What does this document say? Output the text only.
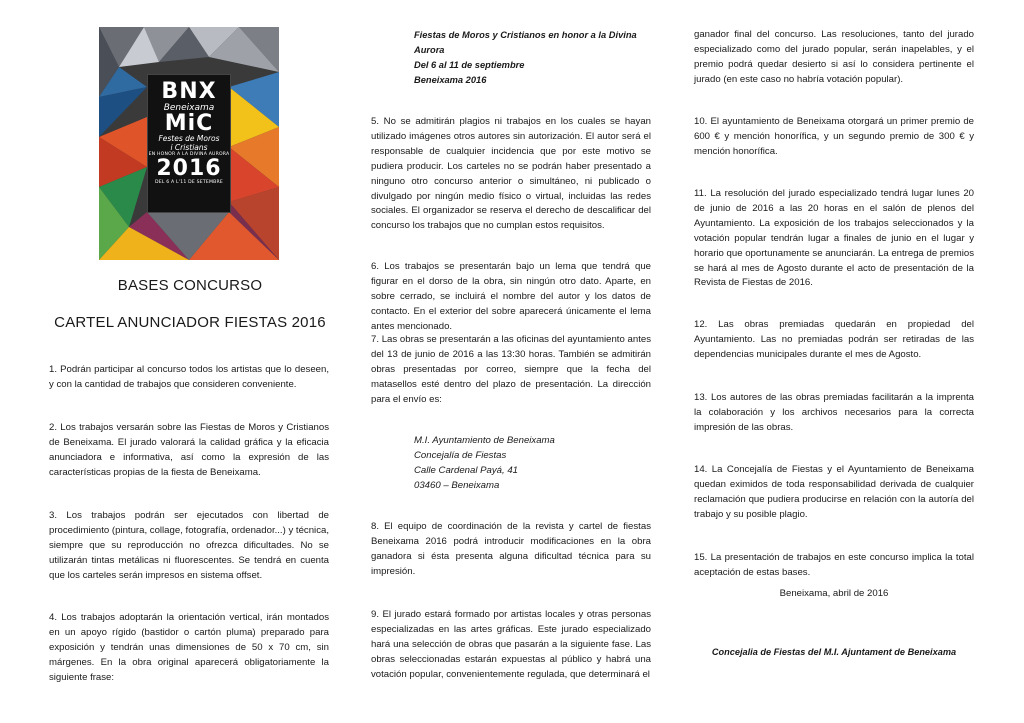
BNX
Beneixama
MiC
Festes de Moros
i Cristians
EN HONOR A LA DIVINA AURORA
2016
DEL 6 A L'11 DE SETEMBRE
BASES CONCURSO
CARTEL ANUNCIADOR FIESTAS 2016

1. Podrán participar al concurso todos los artistas que lo deseen, y con la cantidad de trabajos que consideren conveniente.

2. Los trabajos versarán sobre las Fiestas de Moros y Cristianos de Beneixama. El jurado valorará la calidad gráfica y la eficacia anunciadora e informativa, así como la expresión de las características propias de la fiesta de Beneixama.

3. Los trabajos podrán ser ejecutados con libertad de procedimiento (pintura, collage, fotografía, ordenador...) y técnica, siempre que su reproducción no ofrezca dificultades. No se utilizarán tintas metálicas ni fluorescentes. Se tendrá en cuenta que los carteles serán impresos en sistema offset.

4. Los trabajos adoptarán la orientación vertical, irán montados en un apoyo rígido (bastidor o cartón pluma) preparado para exposición y tendrán unas dimensiones de 50 x 70 cm, sin márgenes. En la obra original aparecerá obligatoriamente la siguiente frase:

Fiestas de Moros y Cristianos en honor a la Divina
Aurora
Del 6 al 11 de septiembre
Beneixama 2016

5. No se admitirán plagios ni trabajos en los cuales se hayan utilizado imágenes otros autores sin autorización. El autor será el responsable de cualquier incidencia que por este motivo se pudiera producir. Los carteles no se podrán haber presentado a ninguno otro concurso anterior o simultáneo, ni publicado o divulgado por ningún medio físico o virtual, incluidas las redes sociales. El organizador se reserva el derecho de descalificar del concurso los trabajos que no cumplan estos requisitos.

6. Los trabajos se presentarán bajo un lema que tendrá que figurar en el dorso de la obra, sin ningún otro dato. Aparte, en sobre cerrado, se incluirá el nombre del autor y los datos de contacto. En el exterior del sobre aparecerá únicamente el lema antes mencionado.

7. Las obras se presentarán a las oficinas del ayuntamiento antes del 13 de junio de 2016 a las 13:30 horas. También se admitirán obras presentadas por correo, siempre que la fecha del matasellos esté dentro del plazo de presentación. La dirección para el envío es:

M.I. Ayuntamiento de Beneixama
Concejalía de Fiestas
Calle Cardenal Payá, 41
03460 – Beneixama

8. El equipo de coordinación de la revista y cartel de fiestas Beneixama 2016 podrá introducir modificaciones en la obra ganadora si ésta presenta alguna dificultad técnica para su impresión.

9. El jurado estará formado por artistas locales y otras personas especializadas en las artes gráficas. Este jurado especializado hará una selección de obras que pasarán a la siguiente fase. Las obras seleccionadas estarán expuestas al público y habrá una votación popular, convenientemente regulada, que determinará el

ganador final del concurso. Las resoluciones, tanto del jurado especializado como del jurado popular, serán inapelables, y el premio podrá quedar desierto si así lo considera pertinente el jurado (en este caso no habría votación popular).

10. El ayuntamiento de Beneixama otorgará un primer premio de 600 € y mención honorífica, y un segundo premio de 300 € y mención honorífica.

11. La resolución del jurado especializado tendrá lugar lunes 20 de junio de 2016 a las 20 horas en el salón de plenos del Ayuntamiento. La exposición de los trabajos seleccionados y la votación popular tendrán lugar a finales de junio en el lugar y horario que oportunamente se anunciarán. La entrega de premios se hará al mes de Agosto durante el acto de presentación de la Revista de Fiestas de 2016.

12. Las obras premiadas quedarán en propiedad del Ayuntamiento. Las no premiadas podrán ser retiradas de las dependencias municipales durante el mes de Agosto.

13. Los autores de las obras premiadas facilitarán a la imprenta la colaboración y los archivos necesarios para la correcta impresión de las obras.

14. La Concejalía de Fiestas y el Ayuntamiento de Beneixama quedan eximidos de toda responsabilidad derivada de cualquier reclamación que pudiera producirse en relación con la autoría del trabajo y su posible plagio.

15. La presentación de trabajos en este concurso implica la total aceptación de estas bases.

Beneixama, abril de 2016
Concejalia de Fiestas del M.I. Ajuntament de Beneixama
